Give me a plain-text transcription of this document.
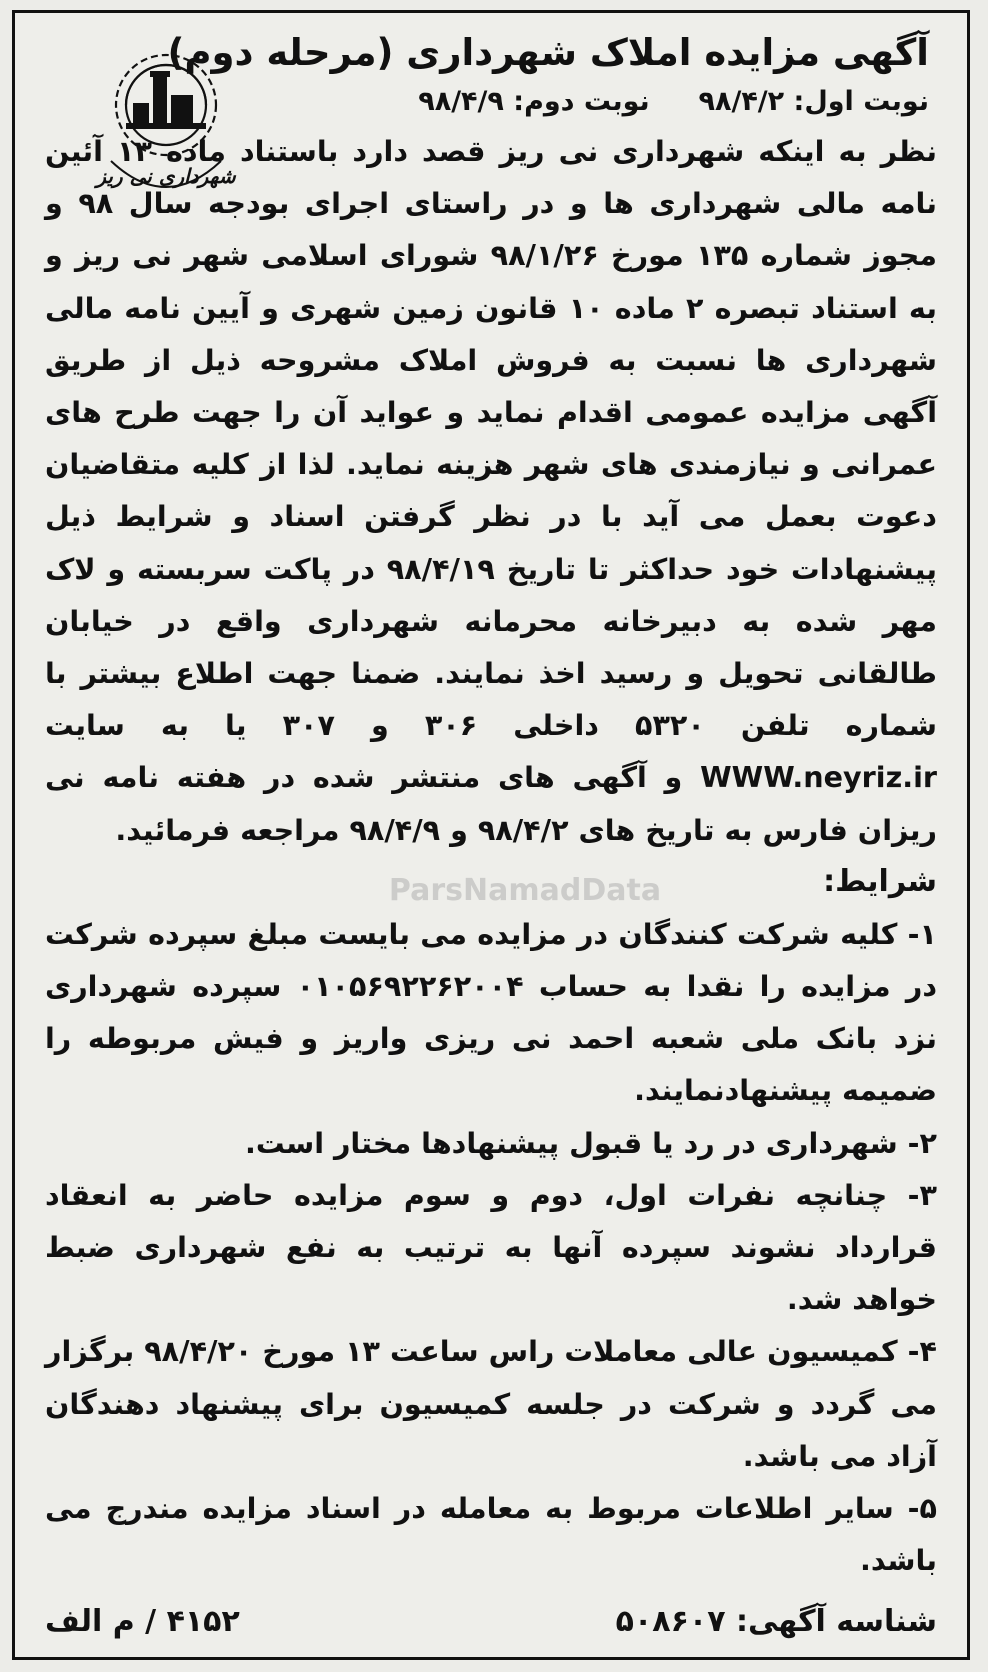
شهرداری نی ریز
آگهی مزایده املاک شهرداری (مرحله دوم)
نوبت اول: ۹۸/۴/۲  نوبت دوم: ۹۸/۴/۹

نظر به اینکه شهرداری نی ریز قصد دارد باستناد ماده ۱۳ آئین نامه مالی شهرداری ها و در راستای اجرای بودجه سال ۹۸ و مجوز شماره ۱۳۵ مورخ ۹۸/۱/۲۶ شورای اسلامی شهر نی ریز و به استناد تبصره ۲ ماده ۱۰ قانون زمین شهری و آیین نامه مالی شهرداری ها نسبت به فروش املاک مشروحه ذیل از طریق آگهی مزایده عمومی اقدام نماید و عواید آن را جهت طرح های عمرانی و نیازمندی های شهر هزینه نماید. لذا از کلیه متقاضیان دعوت بعمل می آید با در نظر گرفتن اسناد و شرایط ذیل پیشنهادات خود حداکثر تا تاریخ ۹۸/۴/۱۹ در پاکت سربسته و لاک مهر شده به دبیرخانه محرمانه شهرداری واقع در خیابان طالقانی تحویل و رسید اخذ نمایند. ضمنا جهت اطلاع بیشتر با شماره تلفن ۵۳۲۰ داخلی ۳۰۶ و ۳۰۷ یا به سایت WWW.neyriz.ir و آگهی های منتشر شده در هفته نامه نی ریزان فارس به تاریخ های ۹۸/۴/۲ و ۹۸/۴/۹ مراجعه فرمائید.

شرایط:

۱- کلیه شرکت کنندگان در مزایده می بایست مبلغ سپرده شرکت در مزایده را نقدا به حساب ۰۱۰۵۶۹۲۲۶۲۰۰۴ سپرده شهرداری نزد بانک ملی شعبه احمد نی ریزی واریز و فیش مربوطه را ضمیمه پیشنهادنمایند.

۲- شهرداری در رد یا قبول پیشنهادها مختار است.

۳- چنانچه نفرات اول، دوم و سوم مزایده حاضر به انعقاد قرارداد نشوند سپرده آنها به ترتیب به نفع شهرداری ضبط خواهد شد.

۴- کمیسیون عالی معاملات راس ساعت ۱۳ مورخ ۹۸/۴/۲۰ برگزار می گردد و شرکت در جلسه کمیسیون برای پیشنهاد دهندگان آزاد می باشد.

۵- سایر اطلاعات مربوط به معامله در اسناد مزایده مندرج می باشد.

ParsNamadData
شناسه آگهی: ۵۰۸۶۰۷
۴۱۵۲ / م الف
